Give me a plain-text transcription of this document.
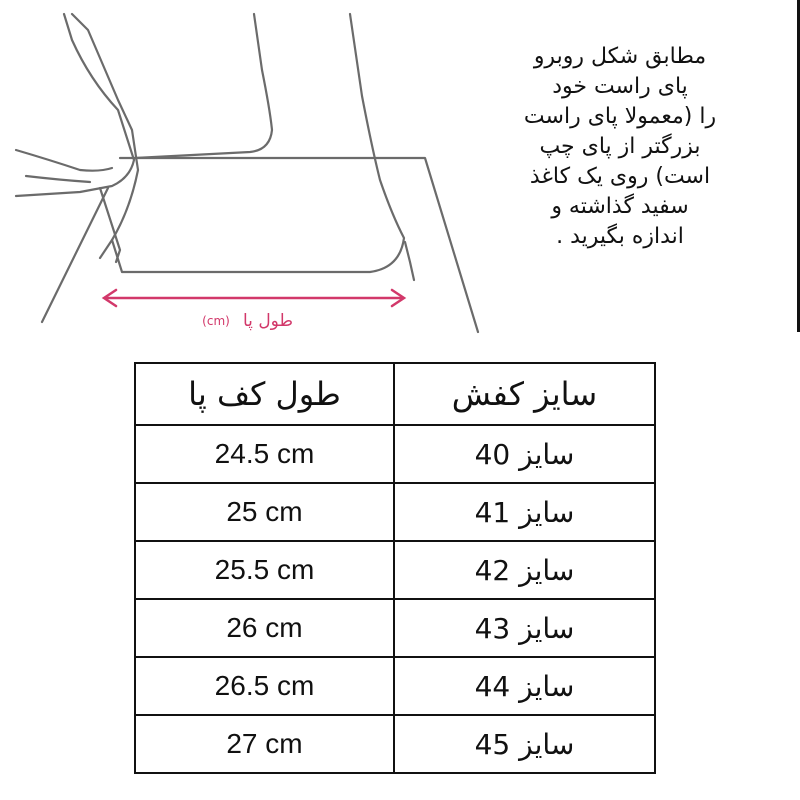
طول پا
(cm)
مطابق شکل روبرو
پای راست خود
را (معمولا پای راست
بزرگتر از پای چپ
است) روی یک کاغذ
سفید گذاشته و
اندازه بگیرید .
طول کف پا	سایز کفش
24.5 cm	سایز 40
25 cm	سایز 41
25.5 cm	سایز 42
26 cm	سایز 43
26.5 cm	سایز 44
27 cm	سایز 45
